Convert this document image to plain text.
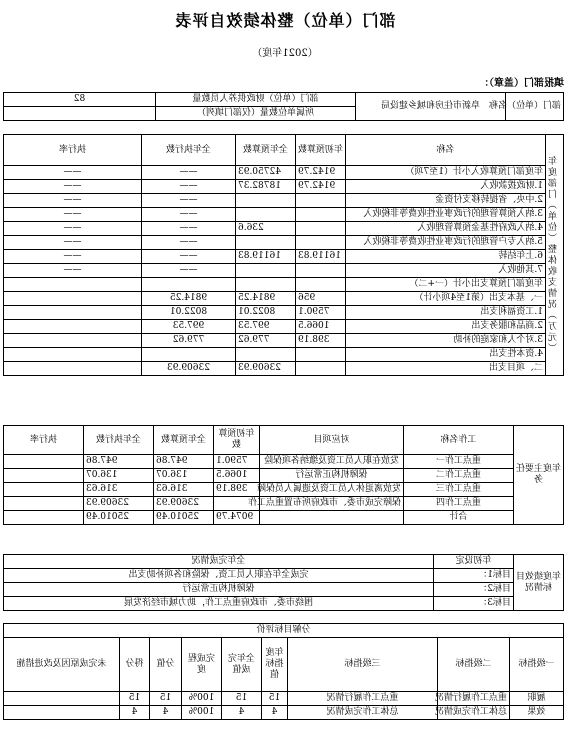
部门（单位）整体绩效自评表
（2021年度）
填报部门（盖章）：
部门（单位）名称	阜新市住房和城乡建设局	部门（单位）财政供养人员数量	82
		所属单位数量（仅部门填列）	
年度部门（单位）整体收支情况（万元）	名称	年初预算数	全年预算数	全年执行数	执行率
	年度部门预算收入小计（1至7项）	9142.79	42750.93	——	——
	1.财政拨款收入	9142.79	18782.37	——	——
	2.中央、省提转移支付资金			——	——
	3.纳入预算管理的行政事业性收费等非税收入			——	——
	4.纳入政府性基金预算管理收入		236.6	——	——
	5.纳入专户管理的行政事业性收费等非税收入			——	——
	6.上年结转	16119.83	16119.83	——	——
	7.其他收入			——	——
	年度部门预算支出小计（一+二）				
	一、基本支出（第1至4项小计）	956	9814.25	9814.25	
	1.工资福利支出	7590.1	8022.01	8022.01	
	2.商品和服务支出	1066.5	997.53	997.53	
	3.对个人和家庭的补助	398.19	779.62	779.62	
	4.资本性支出				
	二、项目支出		23609.93	23609.93	
年度主要任务	工作名称	对应项目	年初预算数	全年预算数	全年执行数	执行率
	重点工作一	发放在职人员工资及缴纳各项保险	7590.1	947.86	947.86	
	重点工作二	保障机构正常运行	1066.5	136.07	136.07	
	重点工作三	发放离退休人员工资及遗属人员保障	398.19	316.63	316.63	
	重点工作四	保障完成市委、市政府所布置重点工作		23609.93	23609.93	
	合计		9074.79	25010.49	25010.49	
年度绩效目标情况	年初设定	全年完成情况
	目标1：	完成全年在职人员工资、保险和各项补助支出
	目标2：	保障机构正常运行
	目标3：	围绕市委、市政府重点工作，助力城市经济发展
分解目标评价								
一级指标	二级指标	三级指标	年度指标值	全年完成值	完成程度	分值	得分	未完成原因及改进措施
履职	重点工作履行情况	重点工作履行情况	15	15	100%	15	15	
效果	总体工作完成情况	总体工作完成情况	4	4	100%	4	4	
